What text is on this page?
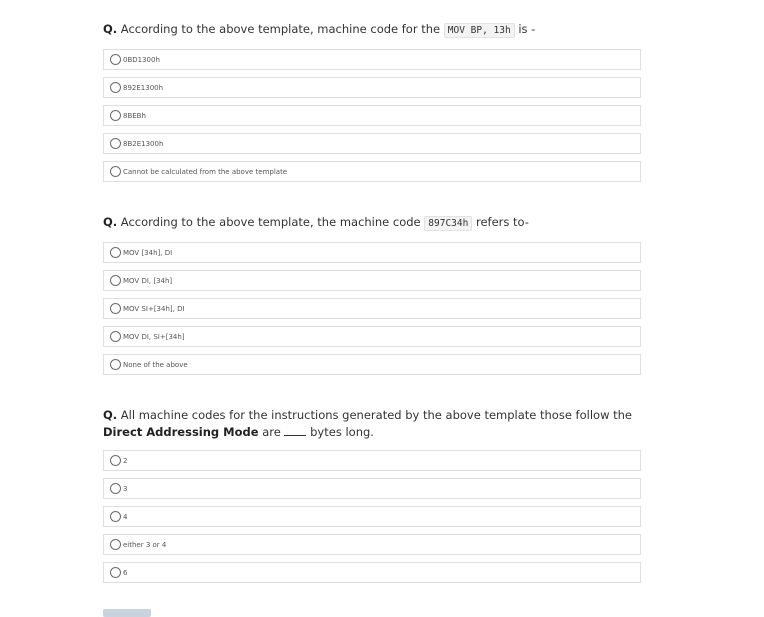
Q. According to the above template, machine code for the MOV BP, 13h is -

0BD1300h
892E1300h
8BEBh
8B2E1300h
Cannot be calculated from the above template

Q. According to the above template, the machine code 897C34h refers to-

MOV [34h], DI
MOV DI, [34h]
MOV SI+[34h], DI
MOV DI, SI+[34h]
None of the above

Q. All machine codes for the instructions generated by the above template those follow the Direct Addressing Mode are  bytes long.

2
3
4
either 3 or 4
6
